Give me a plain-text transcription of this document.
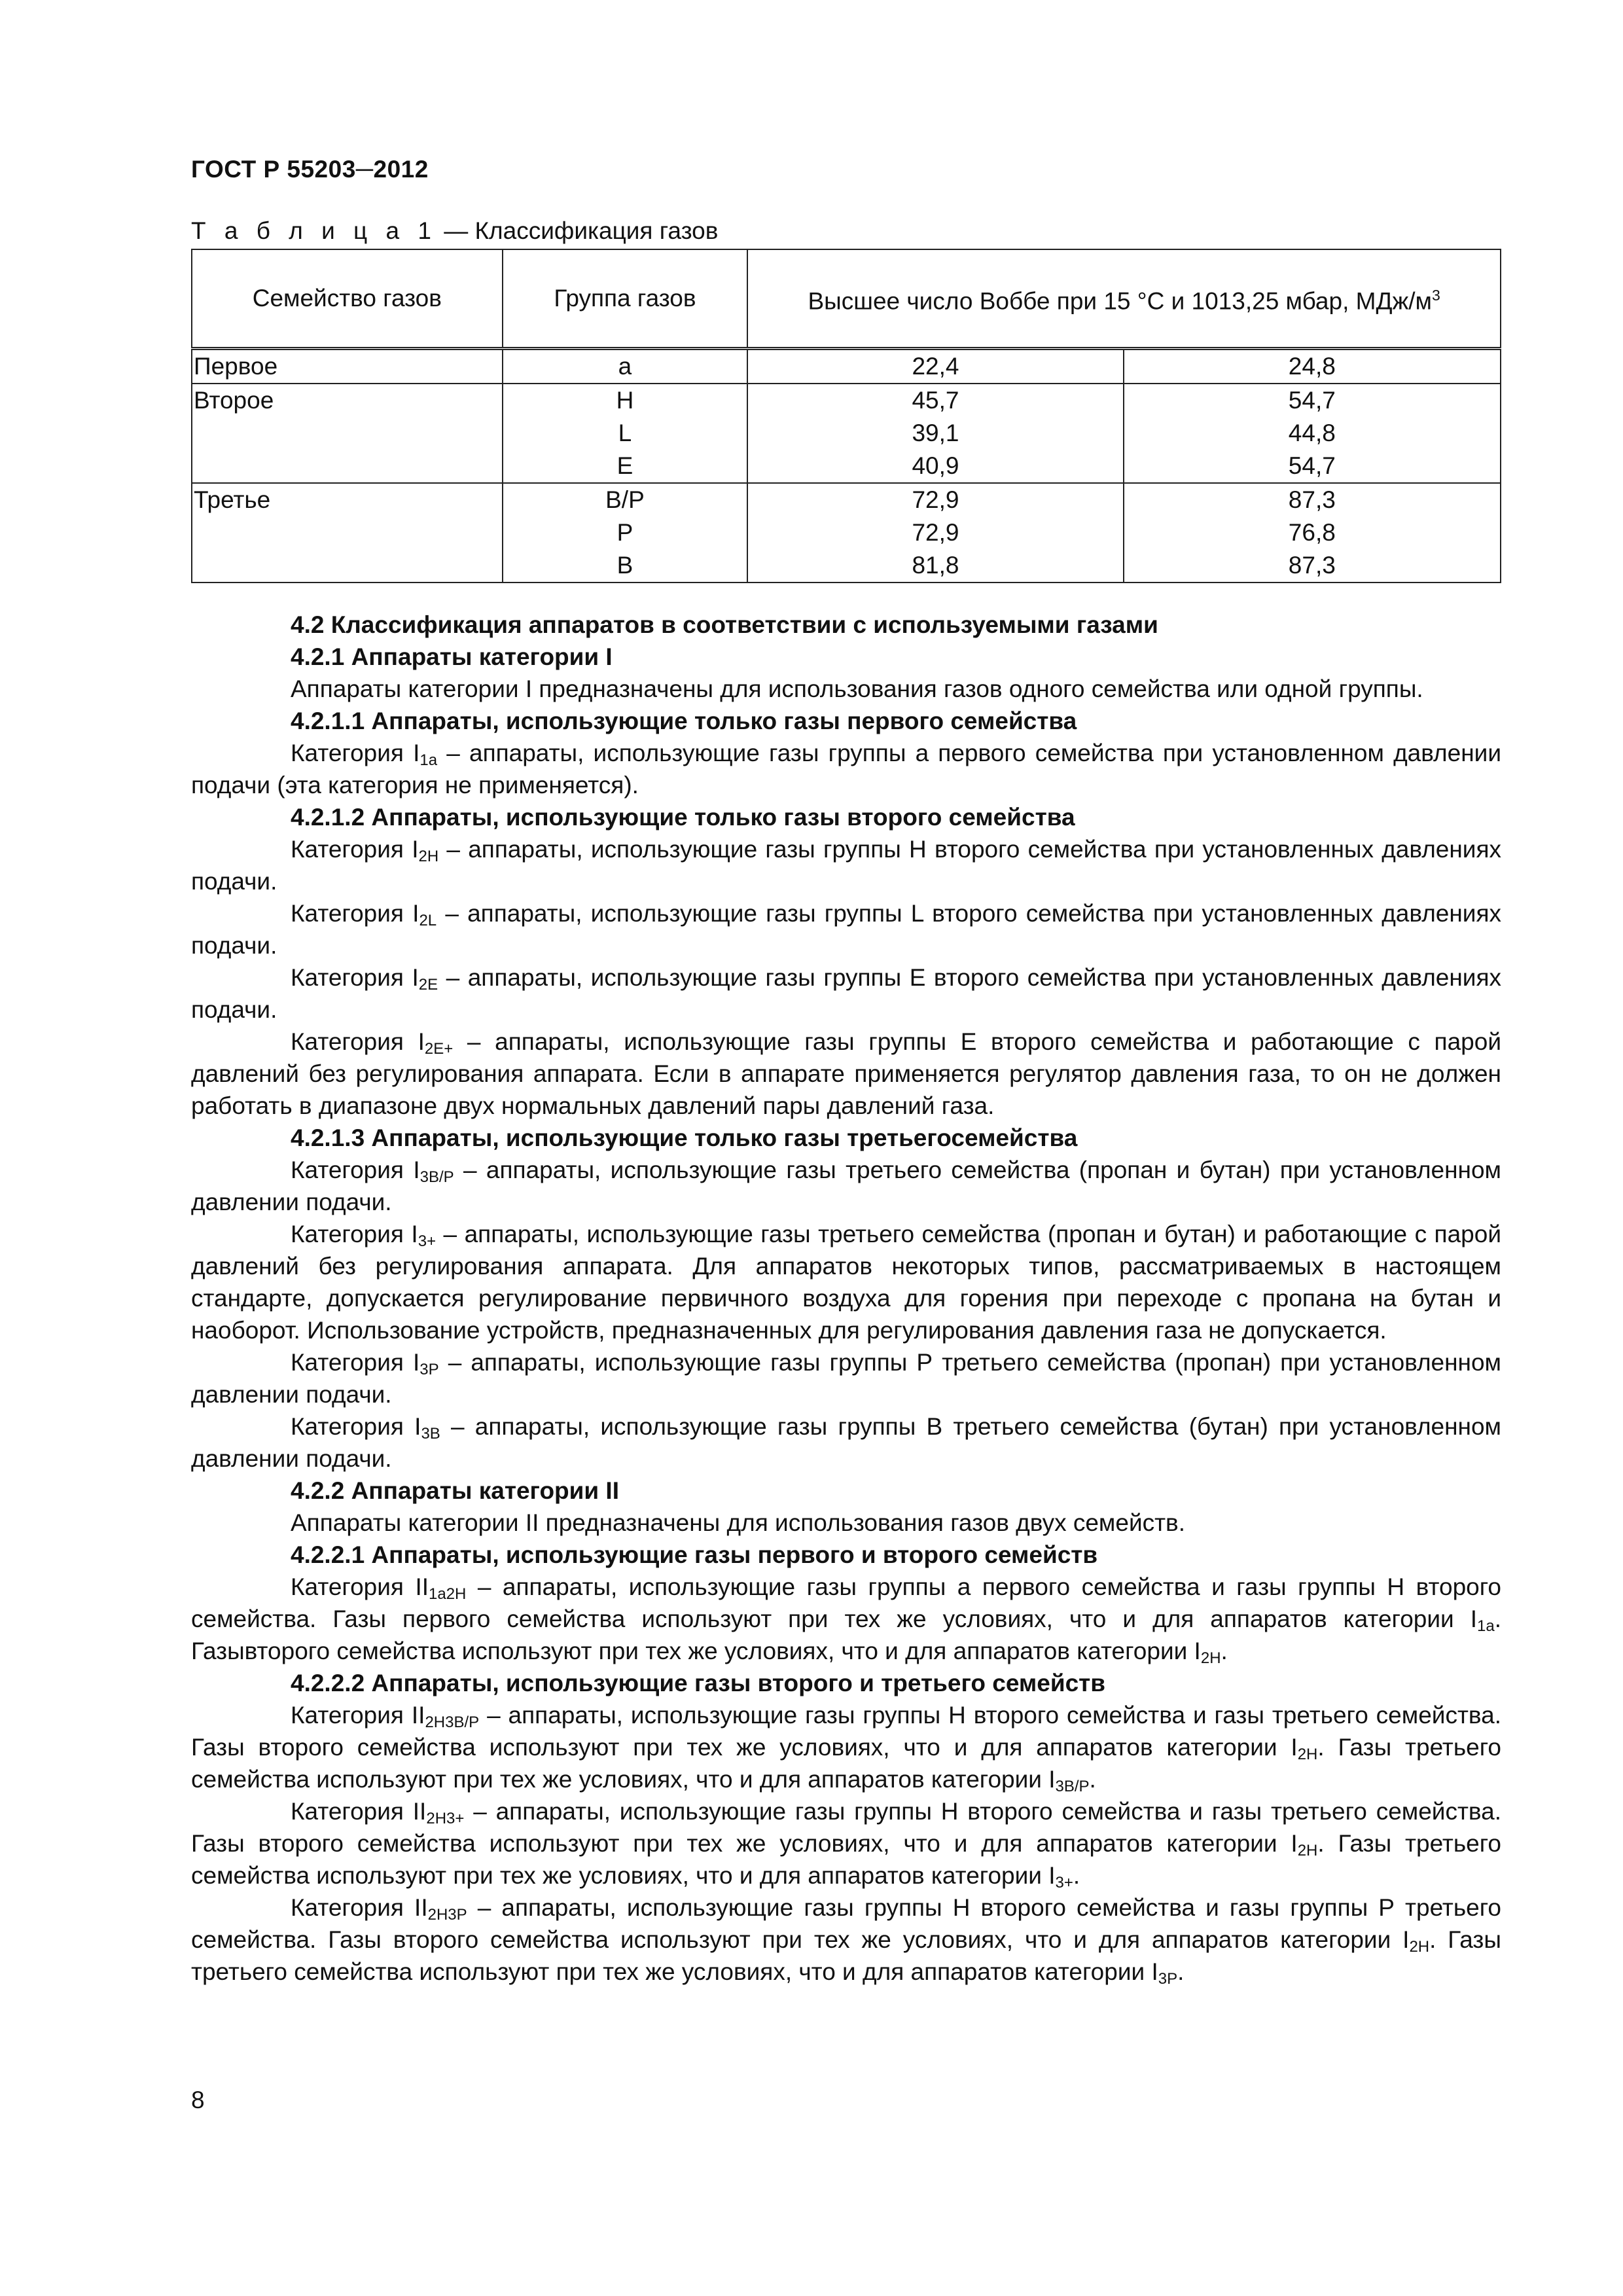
ГОСТ Р 55203─2012
Т а б л и ц а 1 — Классификация газов
Семейство газов	Группа газов	Высшее число Воббе при 15 °С и 1013,25 мбар, МДж/$м^3$
Первое	а	22,4	24,8
Второе	Н	45,7	54,7
	L	39,1	44,8
	Е	40,9	54,7
Третье	В/Р	72,9	87,3
	Р	72,9	76,8
	В	81,8	87,3

4.2 Классификация аппаратов в соответствии с используемыми газами

4.2.1 Аппараты категории I

Аппараты категории I предназначены для использования газов одного семейства или одной группы.

4.2.1.1 Аппараты, использующие только газы первого семейства

Категория $I_{1a}$ – аппараты, использующие газы группы а первого семейства при установленном давлении подачи (эта категория не применяется).

4.2.1.2 Аппараты, использующие только газы второго семейства

Категория $I_{2H}$ – аппараты, использующие газы группы Н второго семейства при установленных давлениях подачи.

Категория $I_{2L}$ – аппараты, использующие газы группы L второго семейства при установленных давлениях подачи.

Категория $I_{2E}$ – аппараты, использующие газы группы Е второго семейства при установленных давлениях подачи.

Категория $I_{2E+}$ – аппараты, использующие газы группы Е второго семейства и работающие с парой давлений без регулирования аппарата. Если в аппарате применяется регулятор давления газа, то он не должен работать в диапазоне двух нормальных давлений пары давлений газа.

4.2.1.3 Аппараты, использующие только газы третьегосемейства

Категория $I_{3B/P}$ – аппараты, использующие газы третьего семейства (пропан и бутан) при установленном давлении подачи.

Категория $I_{3+}$ – аппараты, использующие газы третьего семейства (пропан и бутан) и работающие с парой давлений без регулирования аппарата. Для аппаратов некоторых типов, рассматриваемых в настоящем стандарте, допускается регулирование первичного воздуха для горения при переходе с пропана на бутан и наоборот. Использование устройств, предназначенных для регулирования давления газа не допускается.

Категория $I_{3P}$ – аппараты, использующие газы группы Р третьего семейства (пропан) при установленном давлении подачи.

Категория $I_{3B}$ – аппараты, использующие газы группы В третьего семейства (бутан) при установленном давлении подачи.

4.2.2 Аппараты категории II

Аппараты категории II предназначены для использования газов двух семейств.

4.2.2.1 Аппараты, использующие газы первого и второго семейств

Категория $II_{1a2H}$ – аппараты, использующие газы группы а первого семейства и газы группы Н второго семейства. Газы первого семейства используют при тех же условиях, что и для аппаратов категории $I_{1a}$. Газывторого семейства используют при тех же условиях, что и для аппаратов категории $I_{2H}$.

4.2.2.2 Аппараты, использующие газы второго и третьего семейств

Категория $II_{2H3B/P}$ – аппараты, использующие газы группы Н второго семейства и газы третьего семейства. Газы второго семейства используют при тех же условиях, что и для аппаратов категории $I_{2H}$. Газы третьего семейства используют при тех же условиях, что и для аппаратов категории $I_{3B/P}$.

Категория $II_{2H3+}$ – аппараты, использующие газы группы Н второго семейства и газы третьего семейства. Газы второго семейства используют при тех же условиях, что и для аппаратов категории $I_{2H}$. Газы третьего семейства используют при тех же условиях, что и для аппаратов категории $I_{3+}$.

Категория $II_{2H3P}$ – аппараты, использующие газы группы Н второго семейства и газы группы Р третьего семейства. Газы второго семейства используют при тех же условиях, что и для аппаратов категории $I_{2H}$. Газы третьего семейства используют при тех же условиях, что и для аппаратов категории $I_{3P}$.

8
